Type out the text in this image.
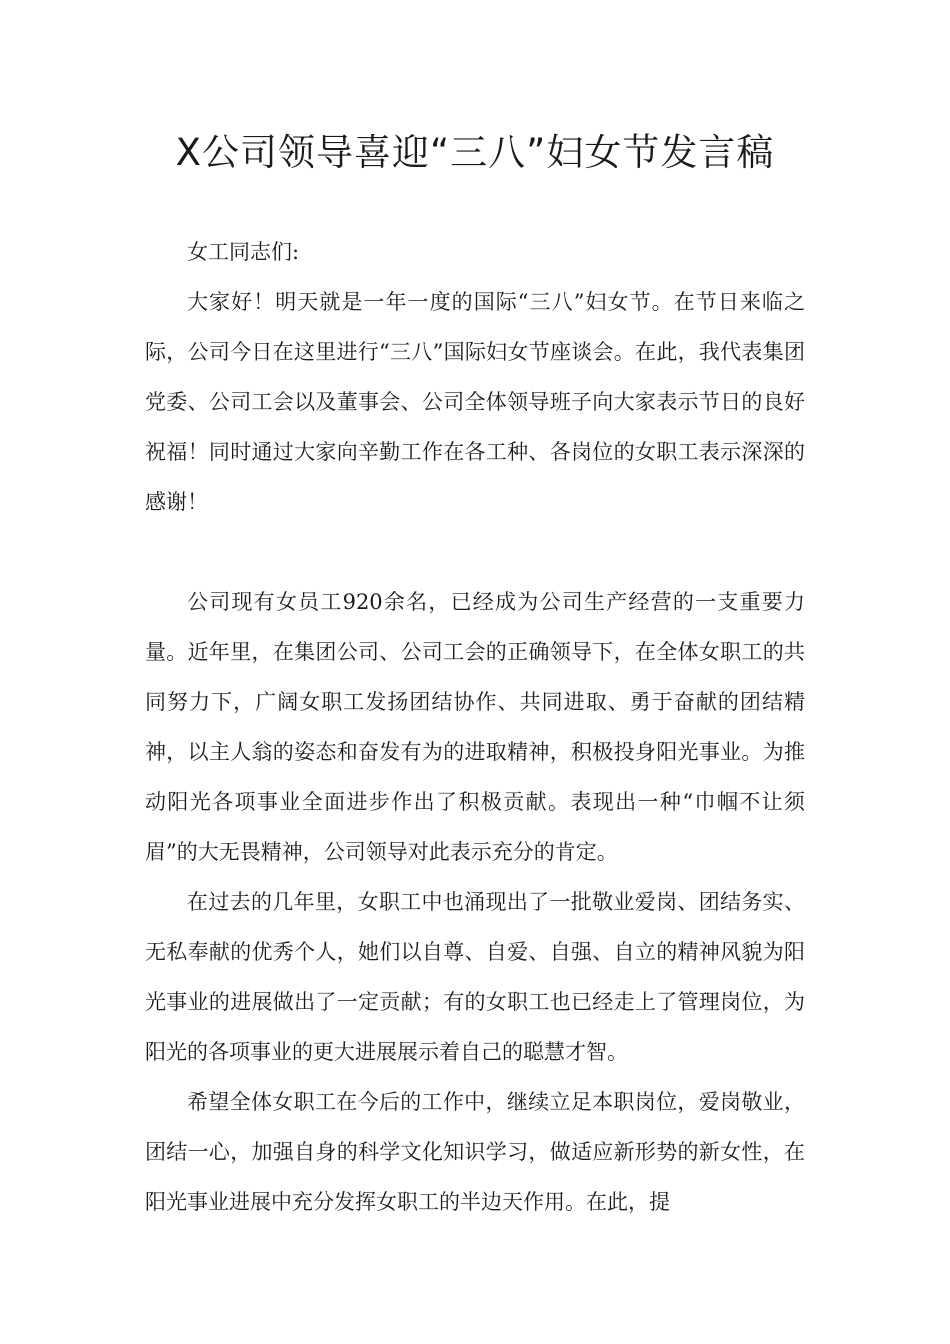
X公司领导喜迎“三八”妇女节发言稿

女工同志们:

大家好！明天就是一年一度的国际“三八”妇女节。在节日来临之际，公司今日在这里进行“三八”国际妇女节座谈会。在此，我代表集团党委、公司工会以及董事会、公司全体领导班子向大家表示节日的良好祝福！同时通过大家向辛勤工作在各工种、各岗位的女职工表示深深的感谢！

公司现有女员工920余名，已经成为公司生产经营的一支重要力量。近年里，在集团公司、公司工会的正确领导下，在全体女职工的共同努力下，广阔女职工发扬团结协作、共同进取、勇于奋献的团结精神，以主人翁的姿态和奋发有为的进取精神，积极投身阳光事业。为推动阳光各项事业全面进步作出了积极贡献。表现出一种“巾帼不让须眉”的大无畏精神，公司领导对此表示充分的肯定。

在过去的几年里，女职工中也涌现出了一批敬业爱岗、团结务实、无私奉献的优秀个人，她们以自尊、自爱、自强、自立的精神风貌为阳光事业的进展做出了一定贡献；有的女职工也已经走上了管理岗位，为阳光的各项事业的更大进展展示着自己的聪慧才智。

希望全体女职工在今后的工作中，继续立足本职岗位，爱岗敬业，团结一心，加强自身的科学文化知识学习，做适应新形势的新女性，在阳光事业进展中充分发挥女职工的半边天作用。在此，提
